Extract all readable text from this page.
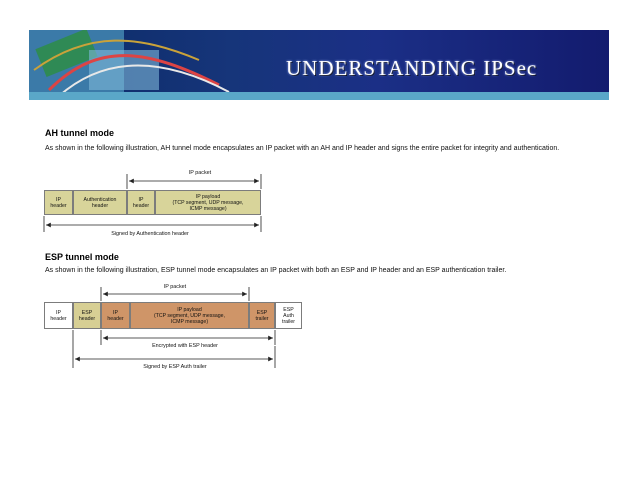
UNDERSTANDING IPSec
AH tunnel mode
As shown in the following illustration, AH tunnel mode encapsulates an IP packet with an AH and IP header and signs the entire packet for integrity and authentication.
IP packet
IP
header
Authentication
header
IP
header
IP payload
(TCP segment, UDP message,
ICMP message)
Signed by Authentication header
ESP tunnel mode
As shown in the following illustration, ESP tunnel mode encapsulates an IP packet with both an ESP and IP header and an ESP authentication trailer.
IP packet
IP
header
ESP
header
IP
header
IP payload
(TCP segment, UDP message,
ICMP message)
ESP
trailer
ESP
Auth
trailer
Encrypted with ESP header
Signed by ESP Auth trailer
